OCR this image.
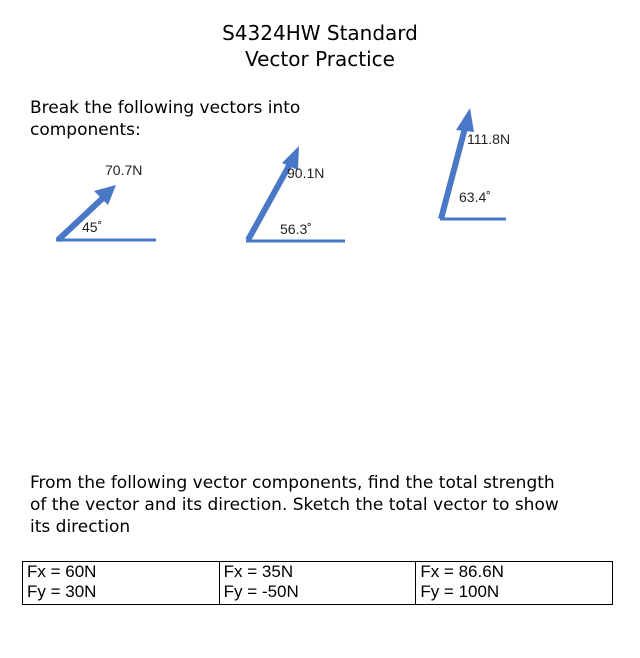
S4324HW Standard
Vector Practice
Break the following vectors into
components:
70.7N
45˚
90.1N
56.3˚
111.8N
63.4˚
From the following vector components, find the total strength
of the vector and its direction. Sketch the total vector to show
its direction
Fx = 60N
Fy = 30N

Fx = 35N
Fy = -50N

Fx = 86.6N
Fy = 100N
